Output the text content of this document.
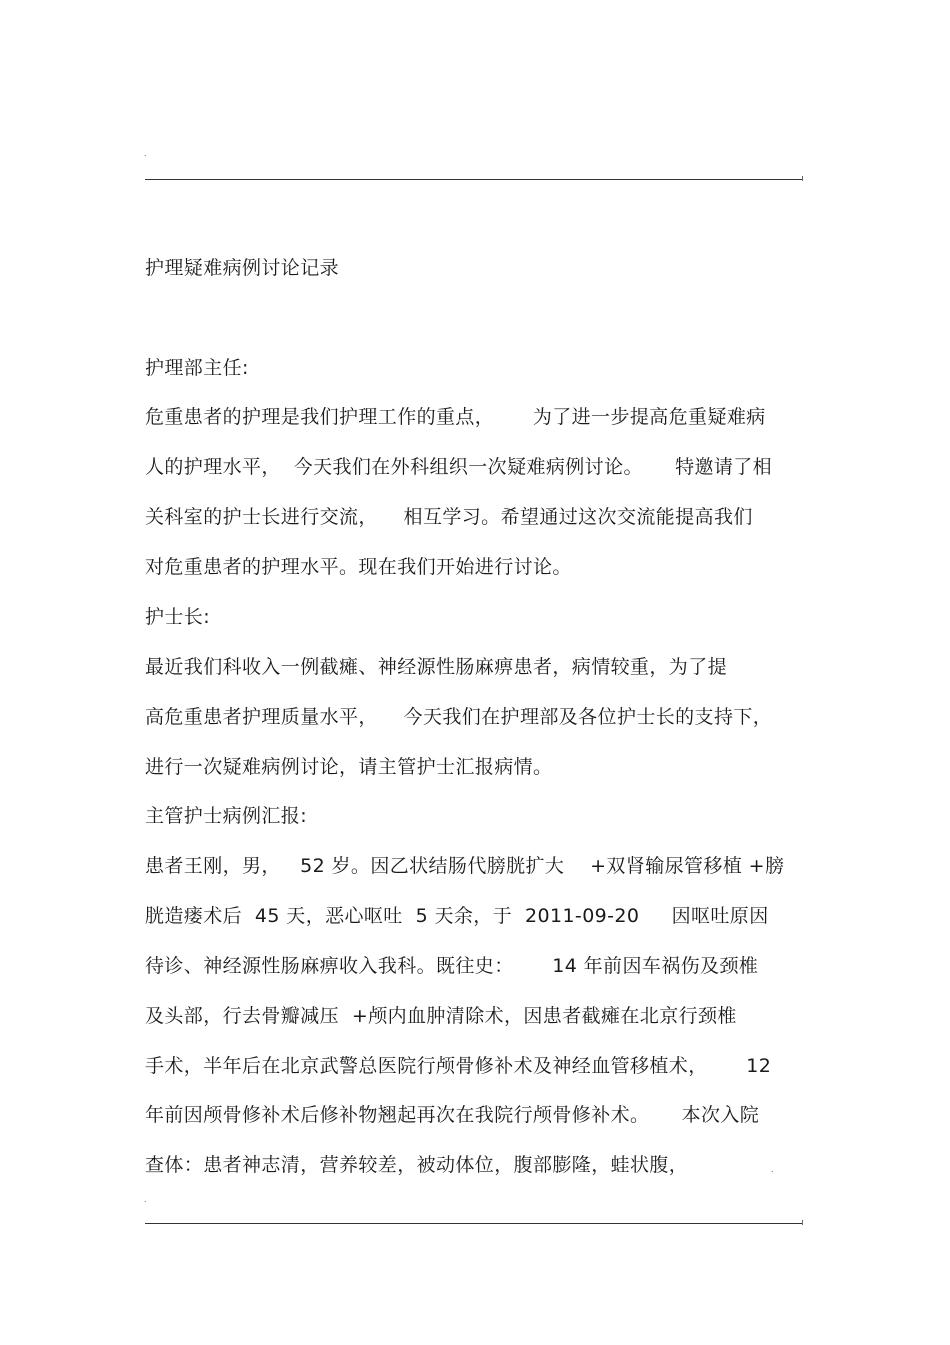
.
护理疑难病例讨论记录
护理部主任:
危重患者的护理是我们护理工作的重点，      为了进一步提高危重疑难病
人的护理水平，  今天我们在外科组织一次疑难病例讨论。     特邀请了相
关科室的护士长进行交流，    相互学习。希望通过这次交流能提高我们
对危重患者的护理水平。现在我们开始进行讨论。
护士长:
最近我们科收入一例截瘫、神经源性肠麻痹患者，病情较重，为了提
高危重患者护理质量水平，    今天我们在护理部及各位护士长的支持下，
进行一次疑难病例讨论，请主管护士汇报病情。
主管护士病例汇报:
患者王刚，男，   52 岁。因乙状结肠代膀胱扩大    +双肾输尿管移植 +膀
胱造瘘术后  45 天，恶心呕吐  5 天余，于  2011-09-20     因呕吐原因
待诊、神经源性肠麻痹收入我科。既往史：      14 年前因车祸伤及颈椎
及头部，行去骨瓣减压  +颅内血肿清除术，因患者截瘫在北京行颈椎
手术，半年后在北京武警总医院行颅骨修补术及神经血管移植术，      12
年前因颅骨修补术后修补物翘起再次在我院行颅骨修补术。     本次入院
查体：患者神志清，营养较差，被动体位，腹部膨隆，蛙状腹，	.
.
